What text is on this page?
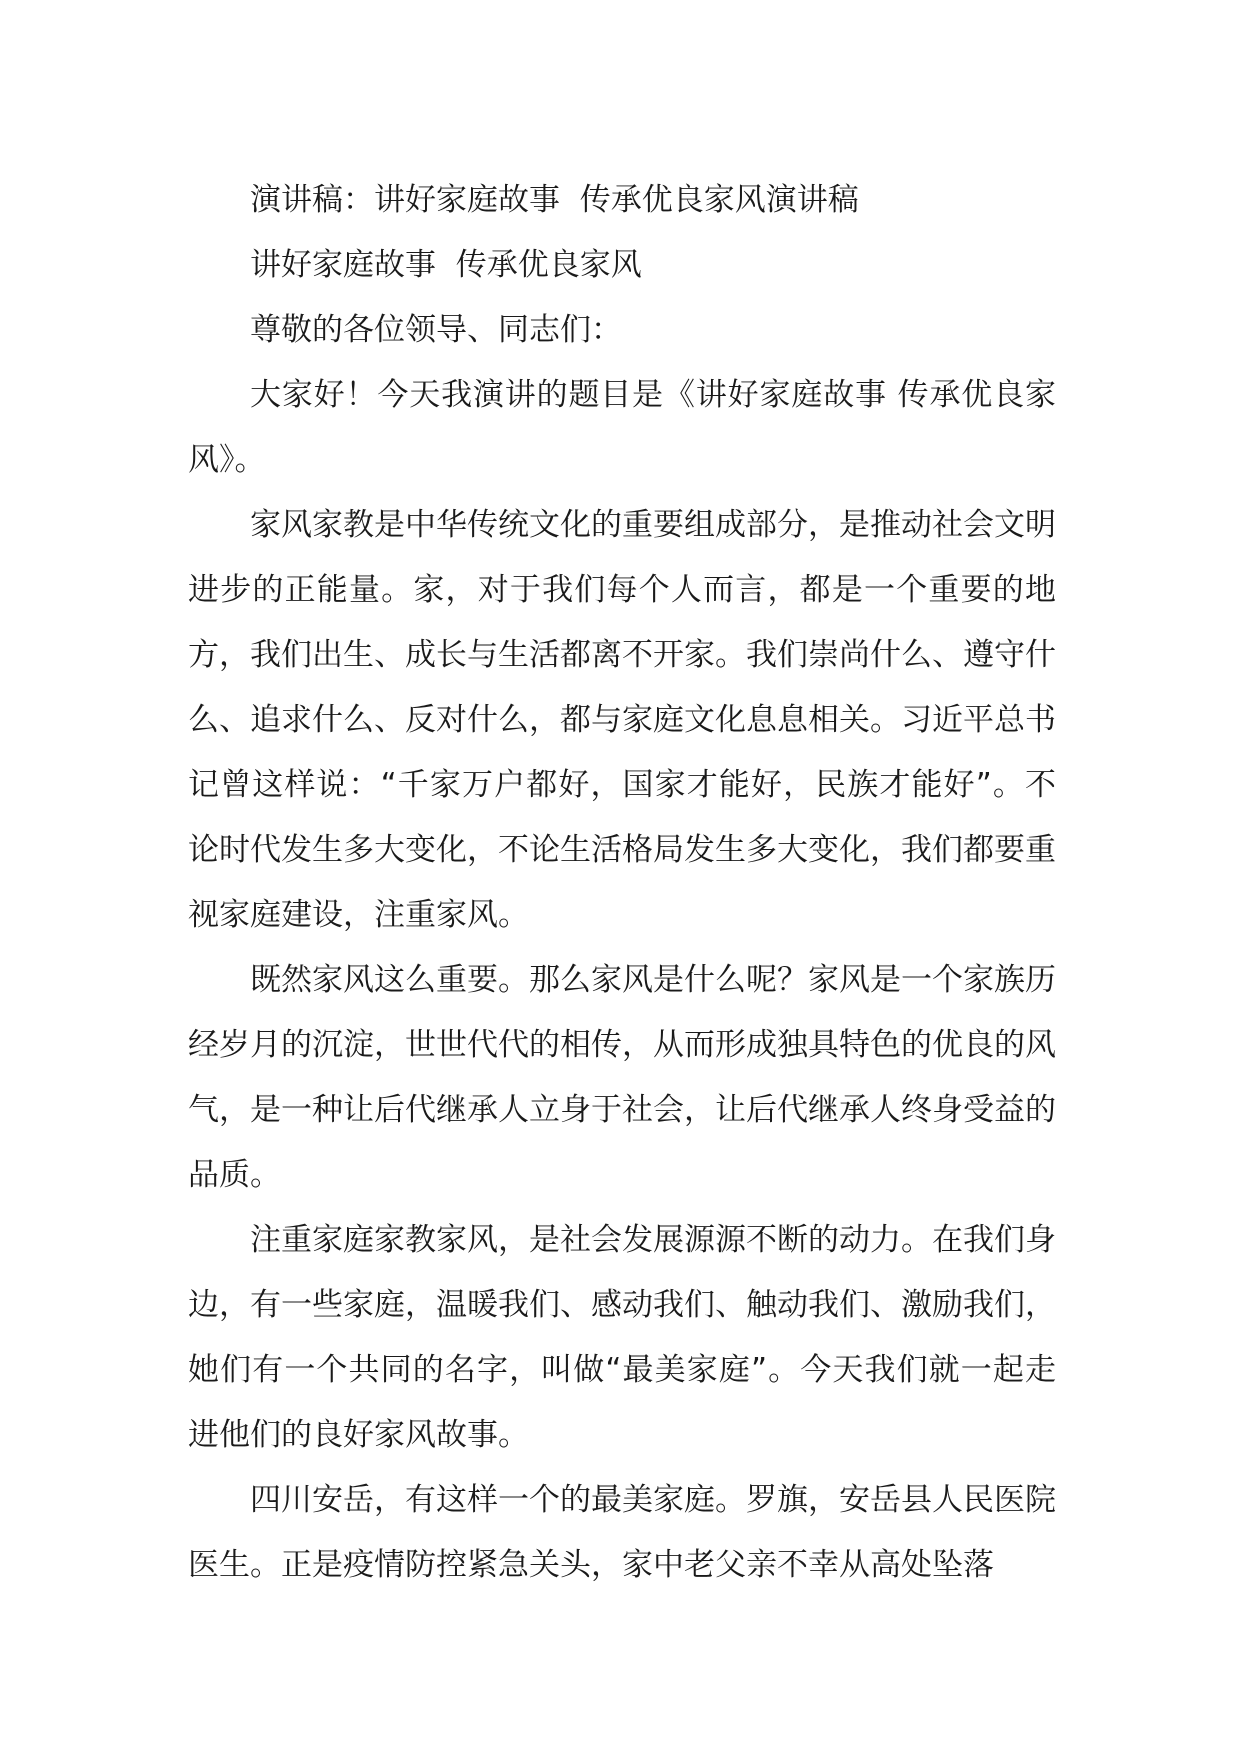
演讲稿：讲好家庭故事  传承优良家风演讲稿

讲好家庭故事  传承优良家风

尊敬的各位领导、同志们：

大家好！今天我演讲的题目是《讲好家庭故事 传承优良家风》。

家风家教是中华传统文化的重要组成部分，是推动社会文明进步的正能量。家，对于我们每个人而言，都是一个重要的地方，我们出生、成长与生活都离不开家。我们崇尚什么、遵守什么、追求什么、反对什么，都与家庭文化息息相关。习近平总书记曾这样说：“千家万户都好，国家才能好，民族才能好”。不论时代发生多大变化，不论生活格局发生多大变化，我们都要重视家庭建设，注重家风。

既然家风这么重要。那么家风是什么呢？家风是一个家族历经岁月的沉淀，世世代代的相传，从而形成独具特色的优良的风气，是一种让后代继承人立身于社会，让后代继承人终身受益的品质。

注重家庭家教家风，是社会发展源源不断的动力。在我们身边，有一些家庭，温暖我们、感动我们、触动我们、激励我们，她们有一个共同的名字，叫做“最美家庭”。今天我们就一起走进他们的良好家风故事。

四川安岳，有这样一个的最美家庭。罗旗，安岳县人民医院医生。正是疫情防控紧急关头，家中老父亲不幸从高处坠落
